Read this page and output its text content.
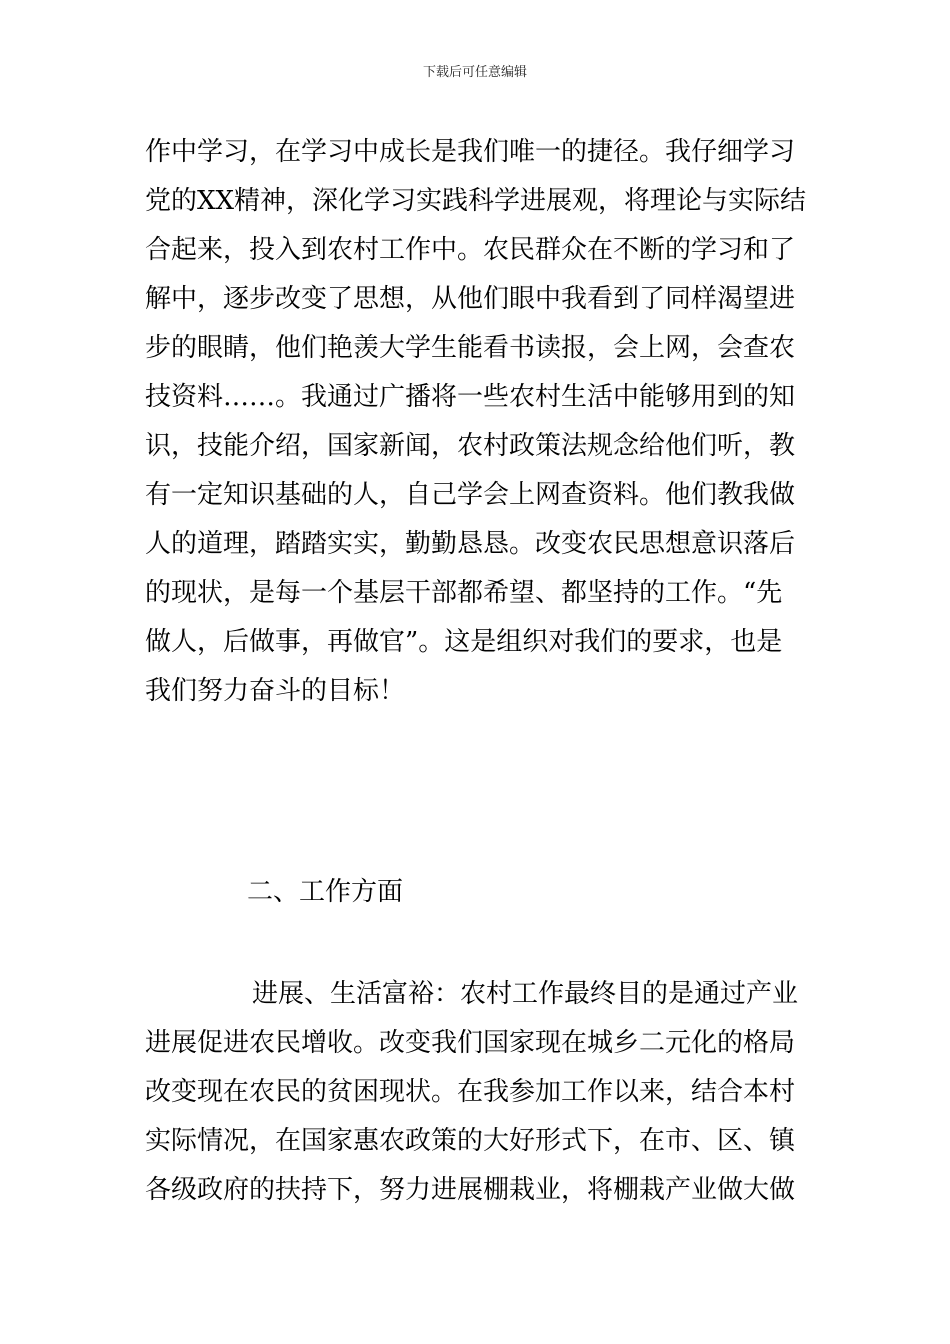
下载后可任意编辑
作中学习，在学习中成长是我们唯一的捷径。我仔细学习
党的XX精神，深化学习实践科学进展观，将理论与实际结
合起来，投入到农村工作中。农民群众在不断的学习和了
解中，逐步改变了思想，从他们眼中我看到了同样渴望进
步的眼睛，他们艳羡大学生能看书读报，会上网，会查农
技资料……。我通过广播将一些农村生活中能够用到的知
识，技能介绍，国家新闻，农村政策法规念给他们听，教
有一定知识基础的人，自己学会上网查资料。他们教我做
人的道理，踏踏实实，勤勤恳恳。改变农民思想意识落后
的现状，是每一个基层干部都希望、都坚持的工作。“先
做人，后做事，再做官”。这是组织对我们的要求，也是
我们努力奋斗的目标！
二、工作方面
进展、生活富裕：农村工作最终目的是通过产业
进展促进农民增收。改变我们国家现在城乡二元化的格局
改变现在农民的贫困现状。在我参加工作以来，结合本村
实际情况，在国家惠农政策的大好形式下，在市、区、镇
各级政府的扶持下，努力进展棚栽业，将棚栽产业做大做
